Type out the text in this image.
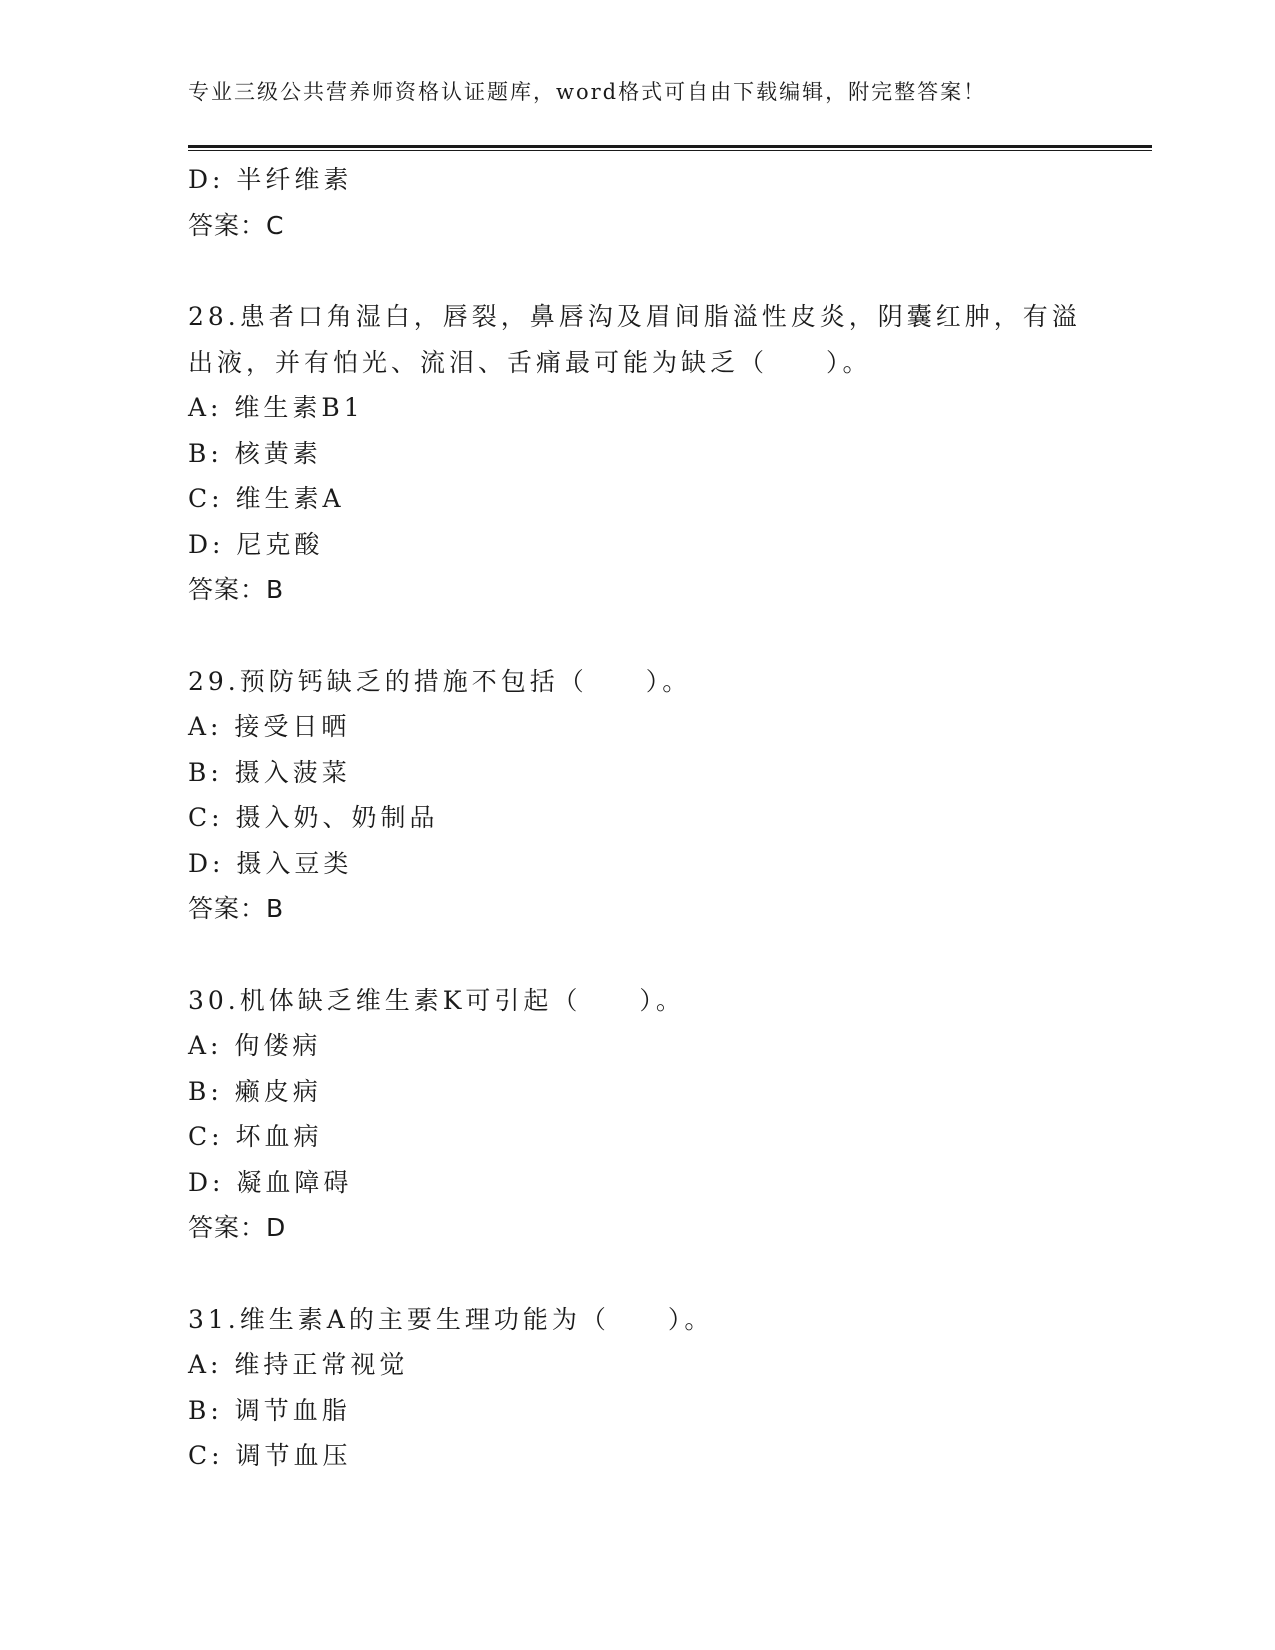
专业三级公共营养师资格认证题库，word格式可自由下载编辑，附完整答案！
D: 半纤维素
答案：C
28.患者口角湿白，唇裂，鼻唇沟及眉间脂溢性皮炎，阴囊红肿，有溢
出液，并有怕光、流泪、舌痛最可能为缺乏（　　）。
A: 维生素B1
B: 核黄素
C: 维生素A
D: 尼克酸
答案：B
29.预防钙缺乏的措施不包括（　　）。
A: 接受日晒
B: 摄入菠菜
C: 摄入奶、奶制品
D: 摄入豆类
答案：B
30.机体缺乏维生素K可引起（　　）。
A: 佝偻病
B: 癞皮病
C: 坏血病
D: 凝血障碍
答案：D
31.维生素A的主要生理功能为（　　）。
A: 维持正常视觉
B: 调节血脂
C: 调节血压
